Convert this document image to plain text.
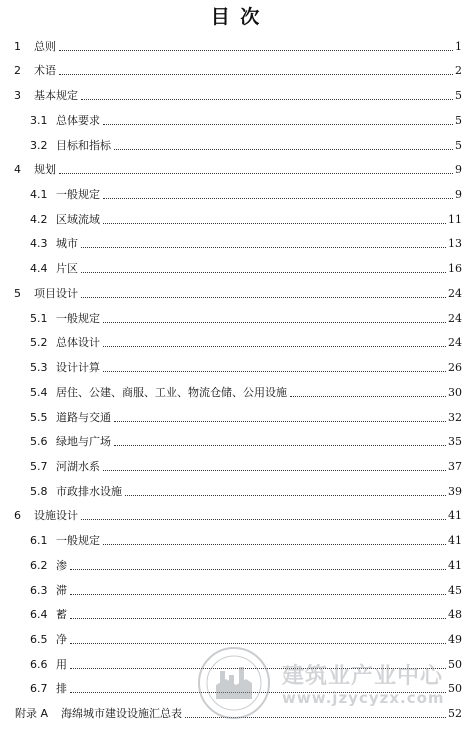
目 次
1	总则	1
2	术语	2
3	基本规定	5
3.1 总体要求	5
3.2 目标和指标	5
4	规划	9
4.1 一般规定	9
4.2 区域流域	11
4.3 城市	13
4.4 片区	16
5	项目设计	24
5.1 一般规定	24
5.2 总体设计	24
5.3 设计计算	26
5.4 居住、公建、商服、工业、物流仓储、公用设施	30
5.5 道路与交通	32
5.6 绿地与广场	35
5.7 河湖水系	37
5.8 市政排水设施	39
6	设施设计	41
6.1 一般规定	41
6.2 渗	41
6.3 滞	45
6.4 蓄	48
6.5 净	49
6.6 用	50
6.7 排	50
附录 A	海绵城市建设设施汇总表	52
建筑业产业中心
www.jzycyzx.com
